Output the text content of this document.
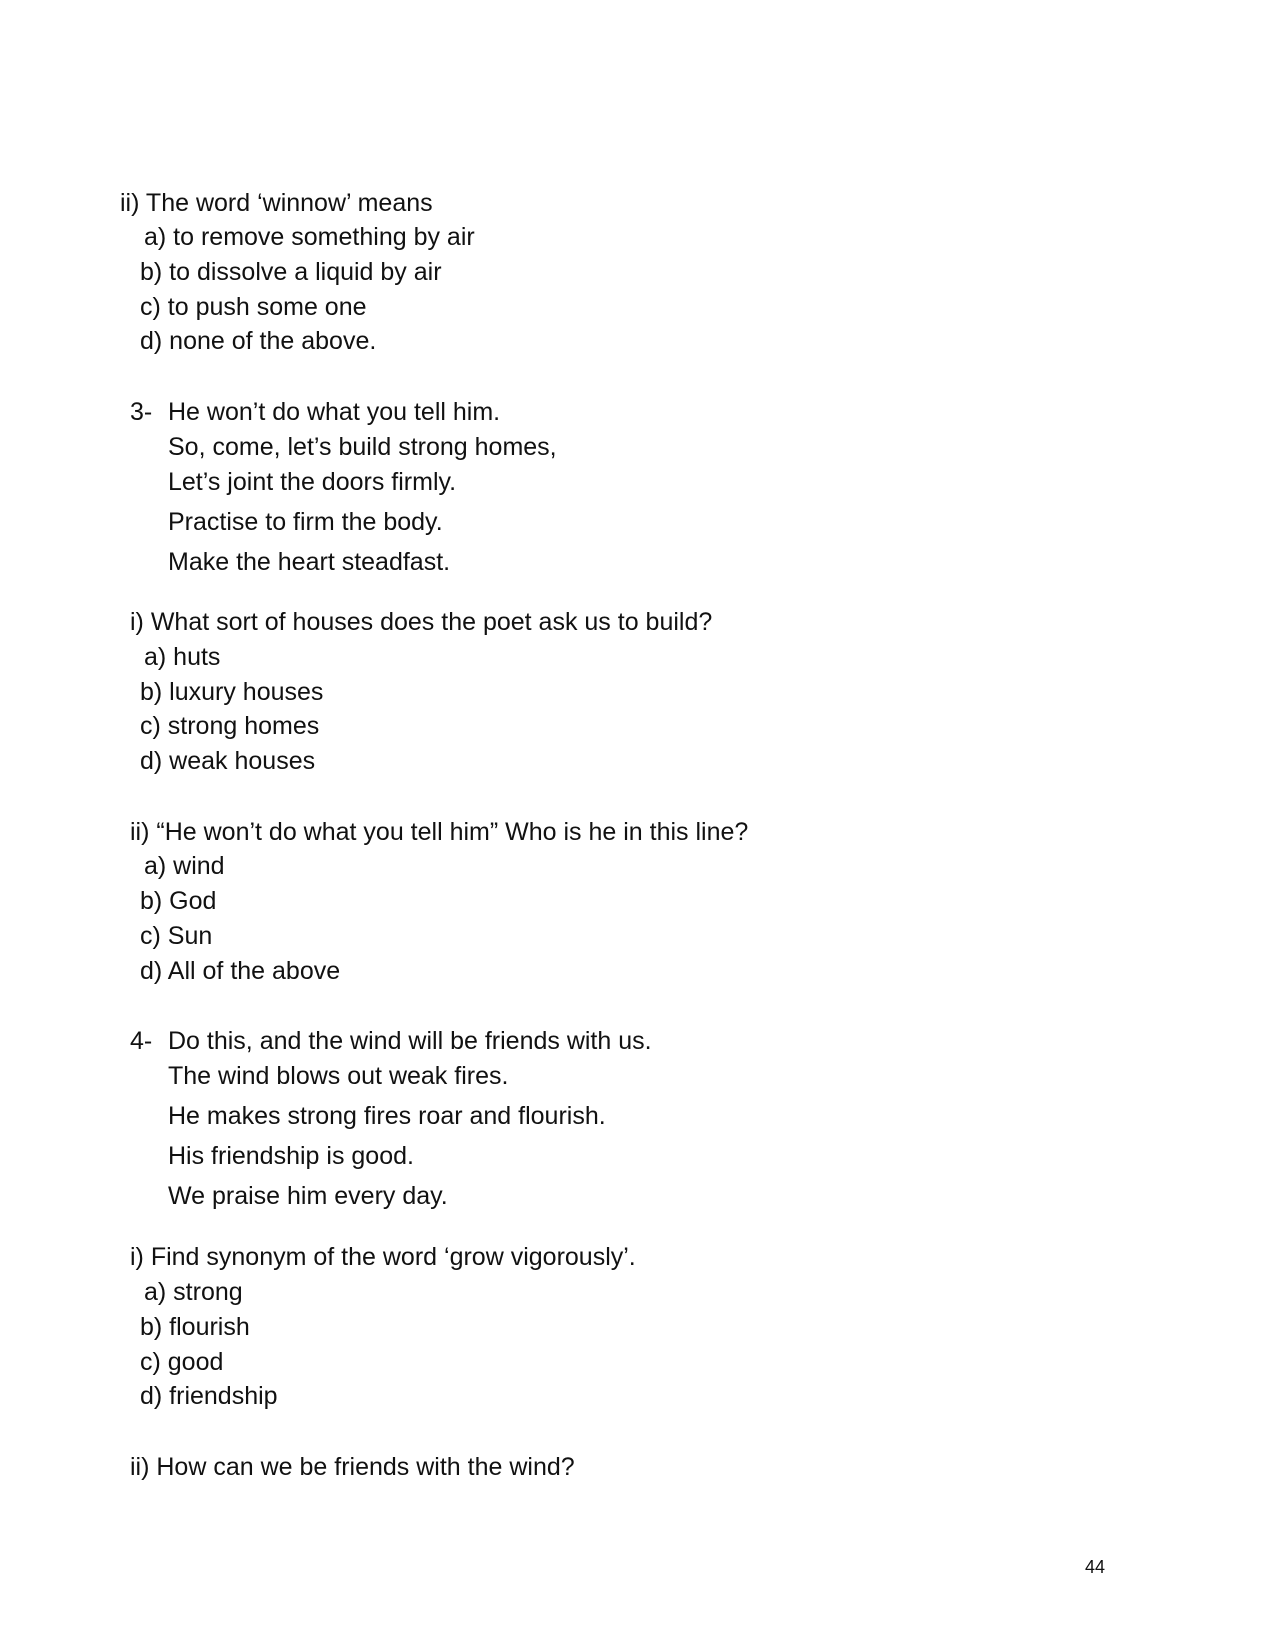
ii) The word ‘winnow’ means

a) to remove something by air

b) to dissolve a liquid by air

c) to push some one

d) none of the above.

3- He won’t do what you tell him.

So, come, let’s build strong homes,

Let’s joint the doors firmly.

Practise to firm the body.

Make the heart steadfast.

i) What sort of houses does the poet ask us to build?

a) huts

b) luxury houses

c) strong homes

d) weak houses

ii) “He won’t do what you tell him” Who is he in this line?

a) wind

b) God

c) Sun

d) All of the above

4- Do this, and the wind will be friends with us.

The wind blows out weak fires.

He makes strong fires roar and flourish.

His friendship is good.

We praise him every day.

i) Find synonym of the word ‘grow vigorously’.

a) strong

b) flourish

c) good

d) friendship

ii) How can we be friends with the wind?

44
